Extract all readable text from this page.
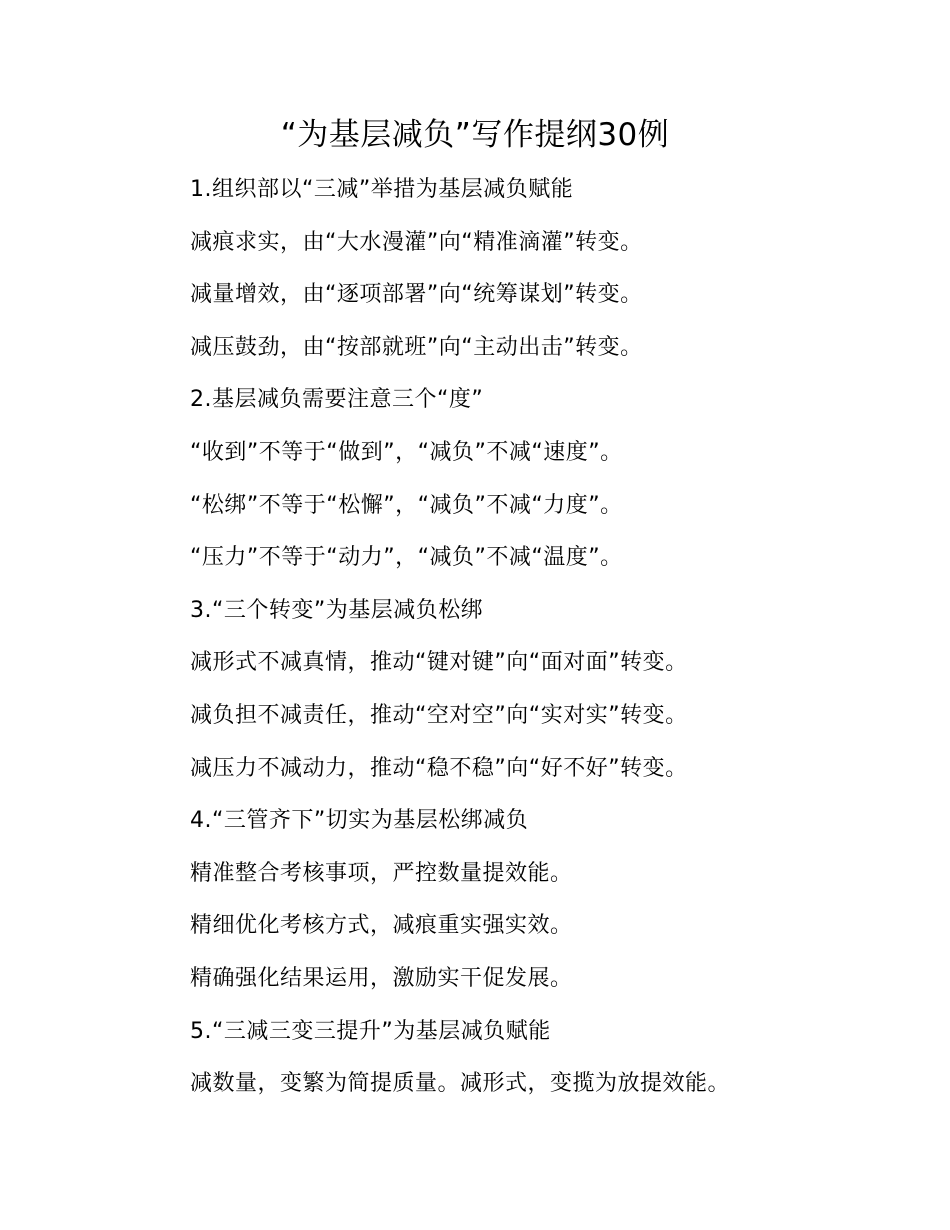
“为基层减负”写作提纲30例
1.组织部以“三减”举措为基层减负赋能
减痕求实，由“大水漫灌”向“精准滴灌”转变。
减量增效，由“逐项部署”向“统筹谋划”转变。
减压鼓劲，由“按部就班”向“主动出击”转变。
2.基层减负需要注意三个“度”
“收到”不等于“做到”，“减负”不减“速度”。
“松绑”不等于“松懈”，“减负”不减“力度”。
“压力”不等于“动力”，“减负”不减“温度”。
3.“三个转变”为基层减负松绑
减形式不减真情，推动“键对键”向“面对面”转变。
减负担不减责任，推动“空对空”向“实对实”转变。
减压力不减动力，推动“稳不稳”向“好不好”转变。
4.“三管齐下”切实为基层松绑减负
精准整合考核事项，严控数量提效能。
精细优化考核方式，减痕重实强实效。
精确强化结果运用，激励实干促发展。
5.“三减三变三提升”为基层减负赋能
减数量，变繁为简提质量。减形式，变揽为放提效能。
